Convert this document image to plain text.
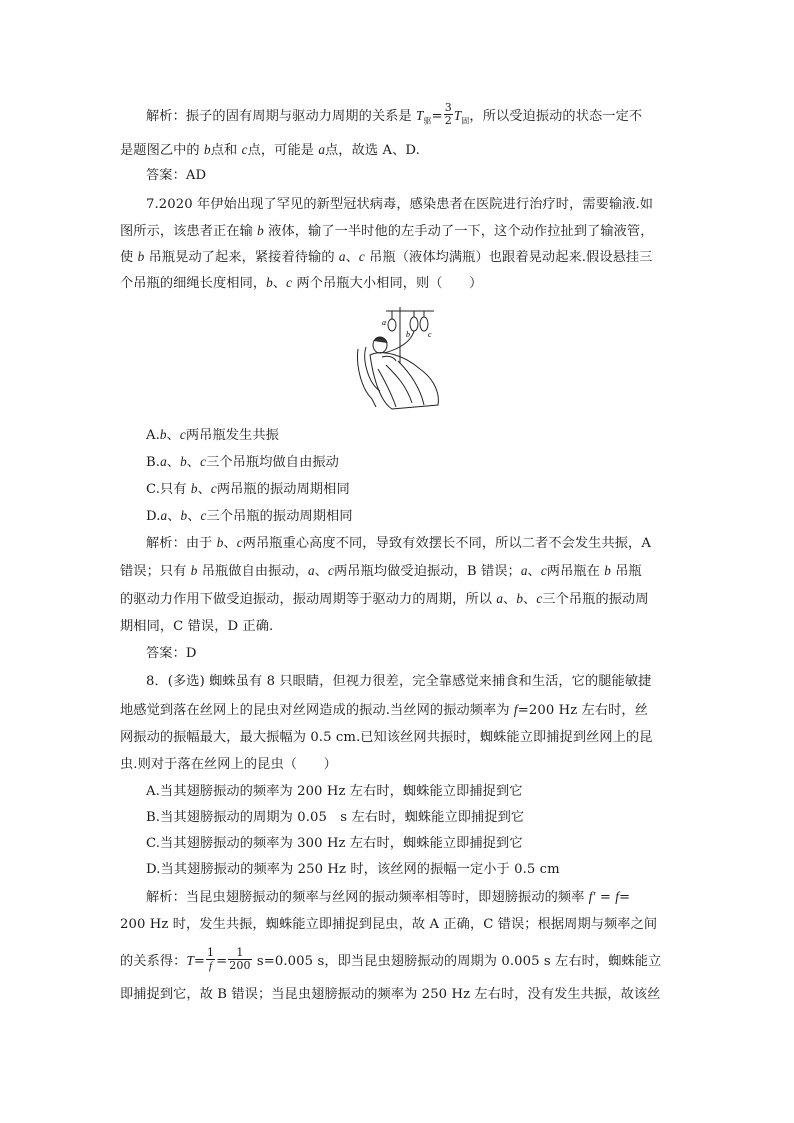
解析：振子的固有周期与驱动力周期的关系是 $T_驱= \frac{3}{2} T_固$，所以受迫振动的状态一定不
是题图乙中的 b点和 c点，可能是 a点，故选 A、D.
答案：AD
7.2020 年伊始出现了罕见的新型冠状病毒，感染患者在医院进行治疗时，需要输液.如
图所示，该患者正在输 b 液体，输了一半时他的左手动了一下，这个动作拉扯到了输液管，
使 b 吊瓶晃动了起来，紧接着待输的 a、c 吊瓶（液体均满瓶）也跟着晃动起来.假设悬挂三
个吊瓶的细绳长度相同，b、c 两个吊瓶大小相同，则（　　）
a
b c
A.b、c两吊瓶发生共振
B.a、b、c三个吊瓶均做自由振动
C.只有 b、c两吊瓶的振动周期相同
D.a、b、c三个吊瓶的振动周期相同
解析：由于 b、c两吊瓶重心高度不同，导致有效摆长不同，所以二者不会发生共振，A
错误；只有 b 吊瓶做自由振动，a、c两吊瓶均做受迫振动，B 错误；a、c两吊瓶在 b 吊瓶
的驱动力作用下做受迫振动，振动周期等于驱动力的周期，所以 a、b、c三个吊瓶的振动周
期相同，C 错误，D 正确.
答案：D
8．(多选) 蜘蛛虽有 8 只眼睛，但视力很差，完全靠感觉来捕食和生活，它的腿能敏捷
地感觉到落在丝网上的昆虫对丝网造成的振动.当丝网的振动频率为 f=200 Hz 左右时，丝
网振动的振幅最大，最大振幅为 0.5 cm.已知该丝网共振时，蜘蛛能立即捕捉到丝网上的昆
虫.则对于落在丝网上的昆虫（　　）
A.当其翅膀振动的频率为 200 Hz 左右时，蜘蛛能立即捕捉到它
B.当其翅膀振动的周期为 0.05　s 左右时，蜘蛛能立即捕捉到它
C.当其翅膀振动的频率为 300 Hz 左右时，蜘蛛能立即捕捉到它
D.当其翅膀振动的频率为 250 Hz 时，该丝网的振幅一定小于 0.5 cm
解析：当昆虫翅膀振动的频率与丝网的振动频率相等时，即翅膀振动的频率 f′ = f=
200 Hz 时，发生共振，蜘蛛能立即捕捉到昆虫，故 A 正确，C 错误；根据周期与频率之间
的关系得：$T= \frac{1}{f} = \frac{1}{200} s=0.005$ s，即当昆虫翅膀振动的周期为 0.005 s 左右时，蜘蛛能立
即捕捉到它，故 B 错误；当昆虫翅膀振动的频率为 250 Hz 左右时，没有发生共振，故该丝
